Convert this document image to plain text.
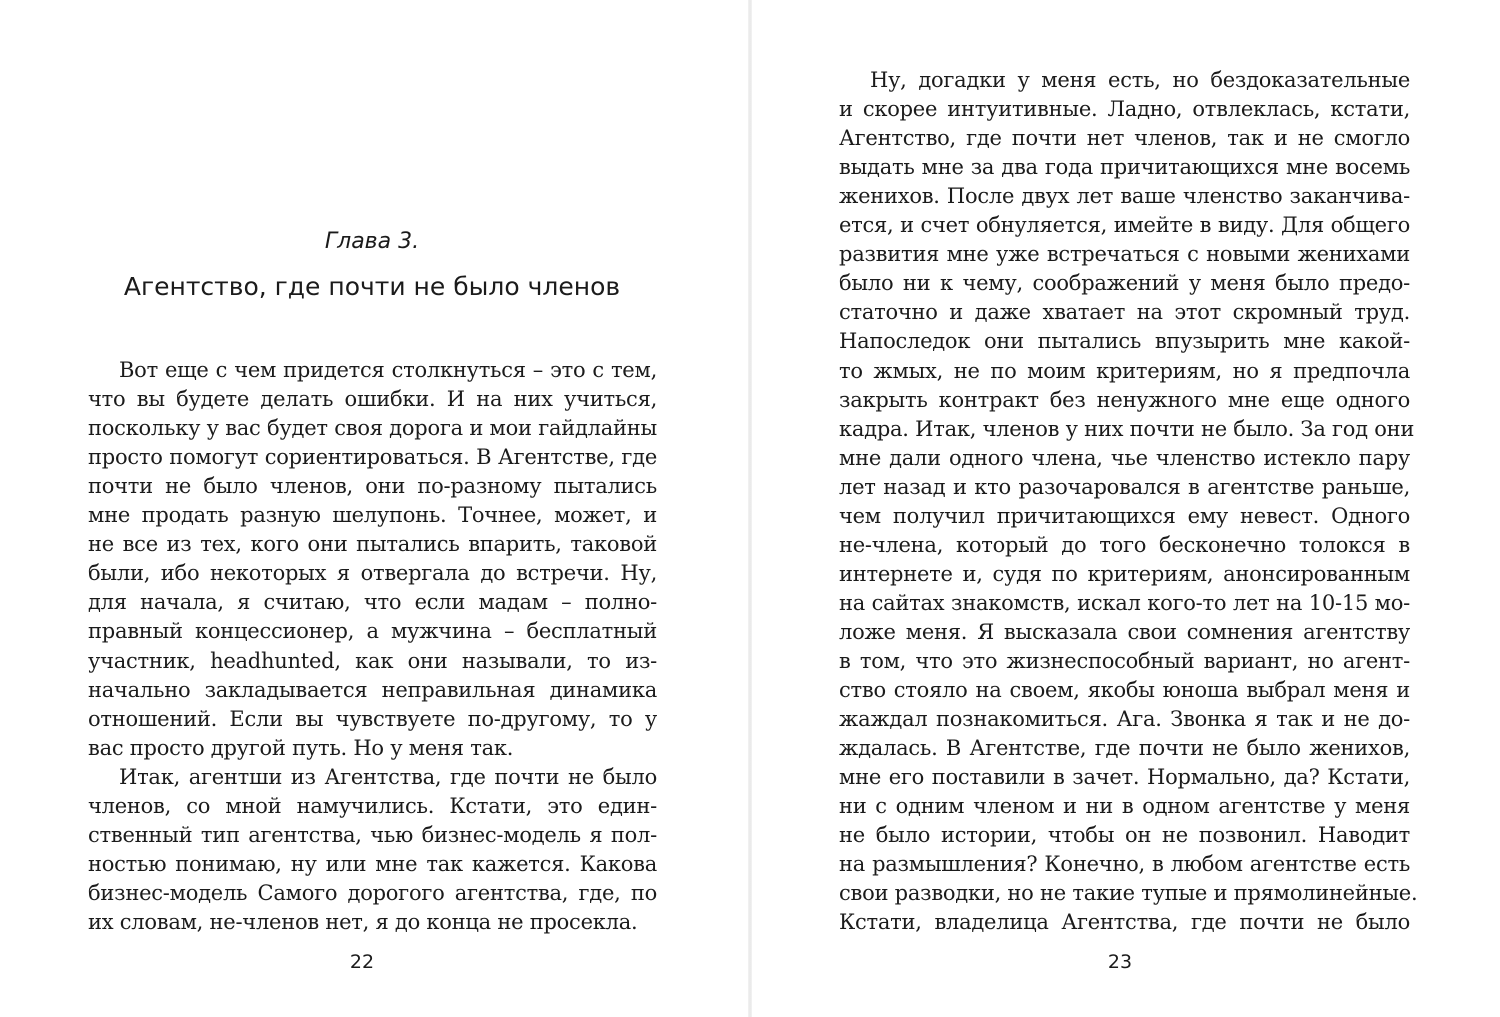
Глава 3.
Агентство, где почти не было членов
Вот еще с чем придется столкнуться – это с тем,
что вы будете делать ошибки. И на них учиться,
поскольку у вас будет своя дорога и мои гайдлайны
просто помогут сориентироваться. В Агентстве, где
почти не было членов, они по-разному пытались
мне продать разную шелупонь. Точнее, может, и
не все из тех, кого они пытались впарить, таковой
были, ибо некоторых я отвергала до встречи. Ну,
для начала, я считаю, что если мадам – полно-
правный концессионер, а мужчина – бесплатный
участник, headhunted, как они называли, то из-
начально закладывается неправильная динамика
отношений. Если вы чувствуете по-другому, то у
вас просто другой путь. Но у меня так.
Итак, агентши из Агентства, где почти не было
членов, со мной намучились. Кстати, это един-
ственный тип агентства, чью бизнес-модель я пол-
ностью понимаю, ну или мне так кажется. Какова
бизнес-модель Самого дорогого агентства, где, по
их словам, не-членов нет, я до конца не просекла.
22
Ну, догадки у меня есть, но бездоказательные
и скорее интуитивные. Ладно, отвлеклась, кстати,
Агентство, где почти нет членов, так и не смогло
выдать мне за два года причитающихся мне восемь
женихов. После двух лет ваше членство заканчива-
ется, и счет обнуляется, имейте в виду. Для общего
развития мне уже встречаться с новыми женихами
было ни к чему, соображений у меня было предо-
статочно и даже хватает на этот скромный труд.
Напоследок они пытались впузырить мне какой-
то жмых, не по моим критериям, но я предпочла
закрыть контракт без ненужного мне еще одного
кадра. Итак, членов у них почти не было. За год они
мне дали одного члена, чье членство истекло пару
лет назад и кто разочаровался в агентстве раньше,
чем получил причитающихся ему невест. Одного
не-члена, который до того бесконечно толокся в
интернете и, судя по критериям, анонсированным
на сайтах знакомств, искал кого-то лет на 10-15 мо-
ложе меня. Я высказала свои сомнения агентству
в том, что это жизнеспособный вариант, но агент-
ство стояло на своем, якобы юноша выбрал меня и
жаждал познакомиться. Ага. Звонка я так и не до-
ждалась. В Агентстве, где почти не было женихов,
мне его поставили в зачет. Нормально, да? Кстати,
ни с одним членом и ни в одном агентстве у меня
не было истории, чтобы он не позвонил. Наводит
на размышления? Конечно, в любом агентстве есть
свои разводки, но не такие тупые и прямолинейные.
Кстати, владелица Агентства, где почти не было
23
